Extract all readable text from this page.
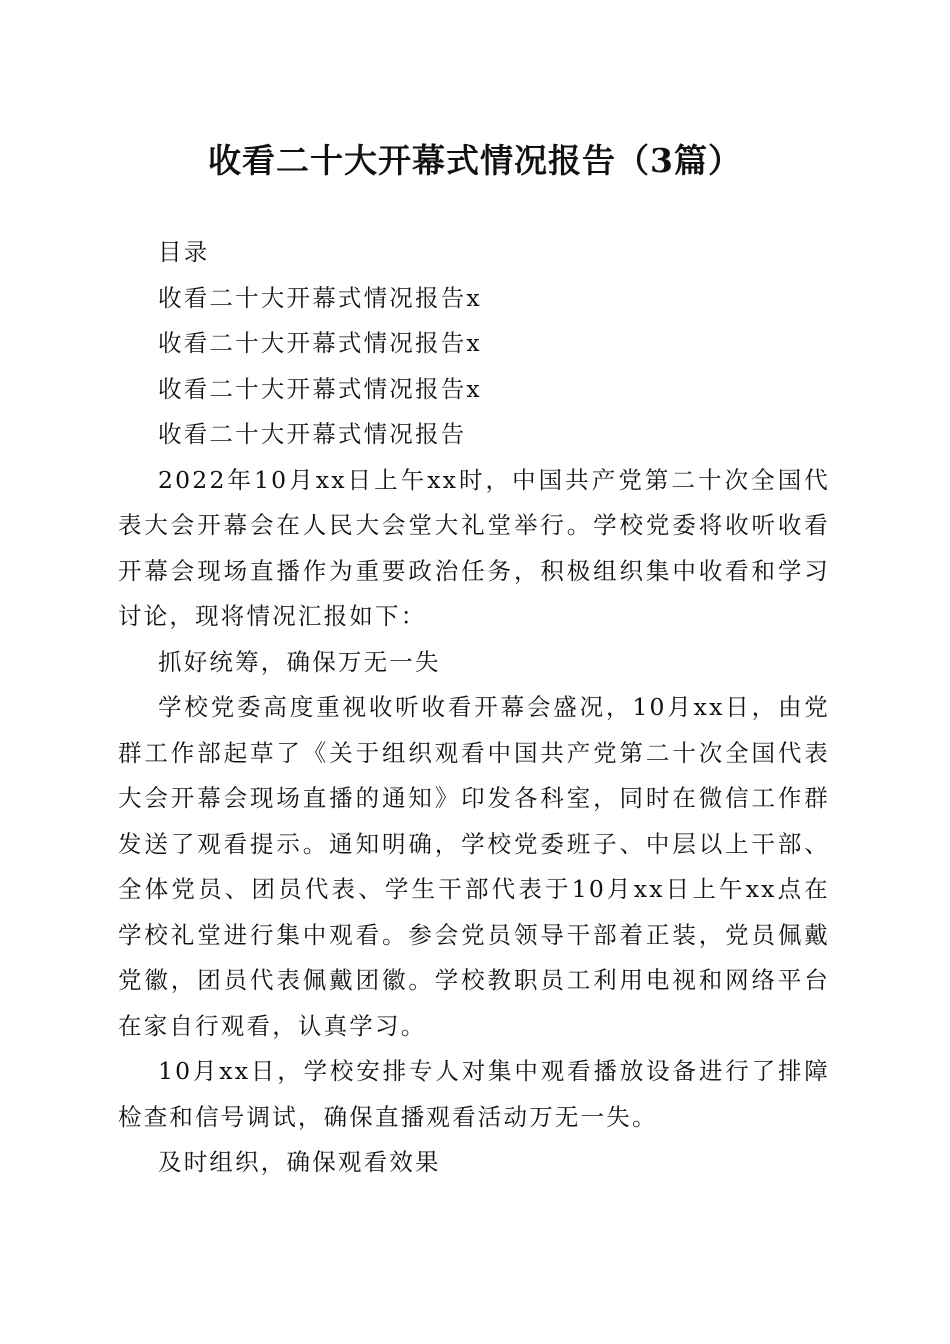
收看二十大开幕式情况报告（3篇）

目录

收看二十大开幕式情况报告x

收看二十大开幕式情况报告x

收看二十大开幕式情况报告x

收看二十大开幕式情况报告

2022年10月xx日上午xx时，中国共产党第二十次全国代表大会开幕会在人民大会堂大礼堂举行。学校党委将收听收看开幕会现场直播作为重要政治任务，积极组织集中收看和学习讨论，现将情况汇报如下：

抓好统筹，确保万无一失

学校党委高度重视收听收看开幕会盛况，10月xx日，由党群工作部起草了《关于组织观看中国共产党第二十次全国代表大会开幕会现场直播的通知》印发各科室，同时在微信工作群发送了观看提示。通知明确，学校党委班子、中层以上干部、全体党员、团员代表、学生干部代表于10月xx日上午xx点在学校礼堂进行集中观看。参会党员领导干部着正装，党员佩戴党徽，团员代表佩戴团徽。学校教职员工利用电视和网络平台在家自行观看，认真学习。

10月xx日，学校安排专人对集中观看播放设备进行了排障检查和信号调试，确保直播观看活动万无一失。

及时组织，确保观看效果
